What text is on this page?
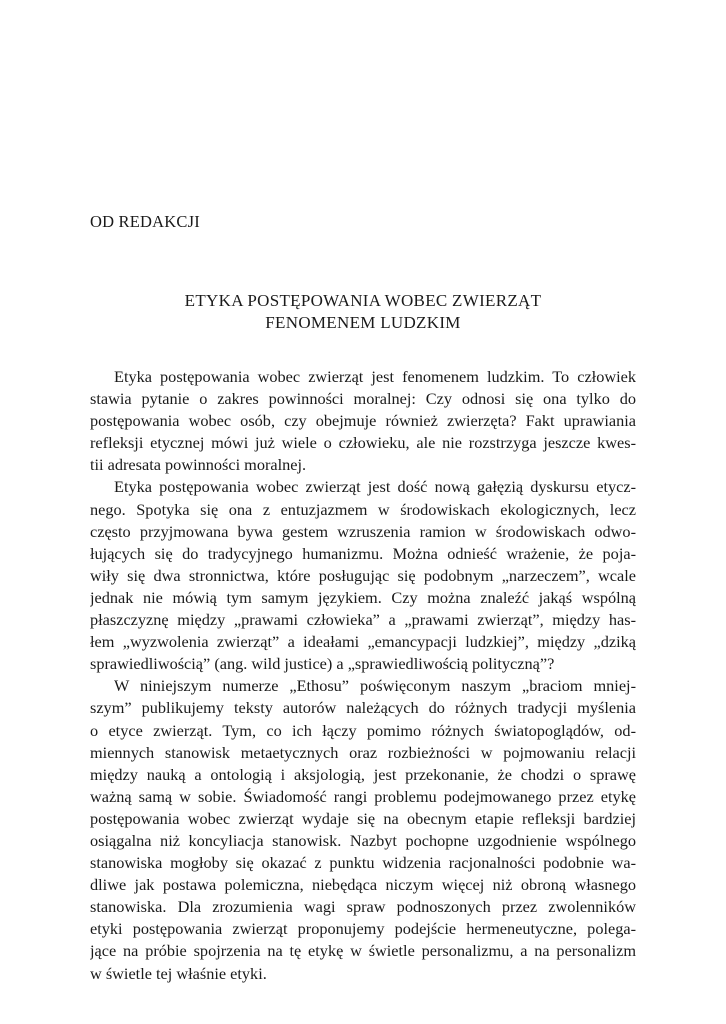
OD REDAKCJI
ETYKA POSTĘPOWANIA WOBEC ZWIERZĄT
FENOMENEM LUDZKIM
Etyka postępowania wobec zwierząt jest fenomenem ludzkim. To człowiek
stawia pytanie o zakres powinności moralnej: Czy odnosi się ona tylko do
postępowania wobec osób, czy obejmuje również zwierzęta? Fakt uprawiania
refleksji etycznej mówi już wiele o człowieku, ale nie rozstrzyga jeszcze kwes-
tii adresata powinności moralnej.
Etyka postępowania wobec zwierząt jest dość nową gałęzią dyskursu etycz-
nego. Spotyka się ona z entuzjazmem w środowiskach ekologicznych, lecz
często przyjmowana bywa gestem wzruszenia ramion w środowiskach odwo-
łujących się do tradycyjnego humanizmu. Można odnieść wrażenie, że poja-
wiły się dwa stronnictwa, które posługując się podobnym „narzeczem”, wcale
jednak nie mówią tym samym językiem. Czy można znaleźć jakąś wspólną
płaszczyznę między „prawami człowieka” a „prawami zwierząt”, między has-
łem „wyzwolenia zwierząt” a ideałami „emancypacji ludzkiej”, między „dziką
sprawiedliwością” (ang. wild justice) a „sprawiedliwością polityczną”?
W niniejszym numerze „Ethosu” poświęconym naszym „braciom mniej-
szym” publikujemy teksty autorów należących do różnych tradycji myślenia
o etyce zwierząt. Tym, co ich łączy pomimo różnych światopoglądów, od-
miennych stanowisk metaetycznych oraz rozbieżności w pojmowaniu relacji
między nauką a ontologią i aksjologią, jest przekonanie, że chodzi o sprawę
ważną samą w sobie. Świadomość rangi problemu podejmowanego przez etykę
postępowania wobec zwierząt wydaje się na obecnym etapie refleksji bardziej
osiągalna niż koncyliacja stanowisk. Nazbyt pochopne uzgodnienie wspólnego
stanowiska mogłoby się okazać z punktu widzenia racjonalności podobnie wa-
dliwe jak postawa polemiczna, niebędąca niczym więcej niż obroną własnego
stanowiska. Dla zrozumienia wagi spraw podnoszonych przez zwolenników
etyki postępowania zwierząt proponujemy podejście hermeneutyczne, polega-
jące na próbie spojrzenia na tę etykę w świetle personalizmu, a na personalizm
w świetle tej właśnie etyki.
